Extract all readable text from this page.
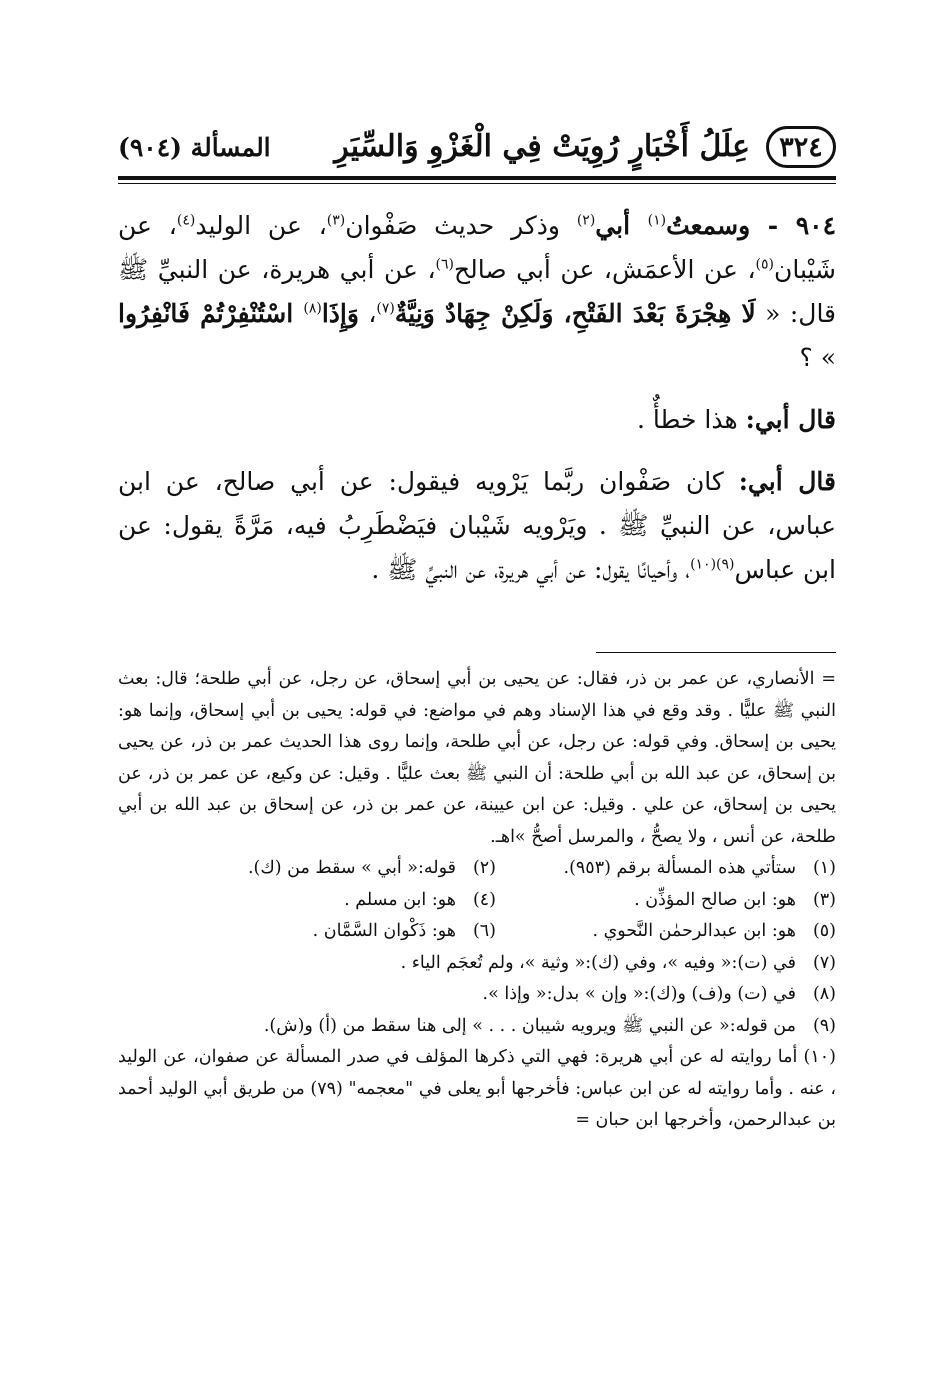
٣٢٤
عِلَلُ أَخْبَارٍ رُوِيَتْ فِي الْغَزْوِ وَالسِّيَرِ
المسألة (٩٠٤)

٩٠٤ - وسمعتُ$^{(١)}$ أبي$^{(٢)}$ وذكر حديث صَفْوان$^{(٣)}$، عن الوليد$^{(٤)}$، عن شَيْبان$^{(٥)}$، عن الأعمَش، عن أبي صالح$^{(٦)}$، عن أبي هريرة، عن النبيِّ ﷺ قال: « لَا هِجْرَةَ بَعْدَ الفَتْحِ، وَلَكِنْ جِهَادٌ وَنِيَّةٌ$^{(٧)}$، وَإِذَا$^{(٨)}$ اسْتُنْفِرْتُمْ فَانْفِرُوا » ؟

قال أبي: هذا خطأٌ .

قال أبي: كان صَفْوان ربَّما يَرْويه فيقول: عن أبي صالح، عن ابن عباس، عن النبيِّ ﷺ . ويَرْويه شَيْبان فيَضْطَرِبُ فيه، مَرَّةً يقول: عن ابن عباس$^{(٩)(١٠)}$، وأحيانًا يقول: عن أبي هريرة، عن النبيِّ ﷺ .

= الأنصاري، عن عمر بن ذر، فقال: عن يحيى بن أبي إسحاق، عن رجل، عن أبي طلحة؛ قال: بعث النبي ﷺ عليًّا . وقد وقع في هذا الإسناد وهم في مواضع: في قوله: يحيى بن أبي إسحاق، وإنما هو: يحيى بن إسحاق. وفي قوله: عن رجل، عن أبي طلحة، وإنما روى هذا الحديث عمر بن ذر، عن يحيى بن إسحاق، عن عبد الله بن أبي طلحة: أن النبي ﷺ بعث عليًّا . وقيل: عن وكيع، عن عمر بن ذر، عن يحيى بن إسحاق، عن علي . وقيل: عن ابن عيينة، عن عمر بن ذر، عن إسحاق بن عبد الله بن أبي طلحة، عن أنس ، ولا يصحُّ ، والمرسل أصحُّ »اهـ.

(١)
ستأتي هذه المسألة برقم (٩٥٣).
(٢)
قوله:« أبي » سقط من (ك).
(٣)
هو: ابن صالح المؤذِّن .
(٤)
هو: ابن مسلم .
(٥)
هو: ابن عبدالرحمٰن النَّحوي .
(٦)
هو: ذَكْوان السَّمَّان .
(٧)
في (ت):« وفيه »، وفي (ك):« وثية »، ولم تُعجَم الياء .
(٨)
في (ت) و(ف) و(ك):« وإن » بدل:« وإذا ».
(٩)
من قوله:« عن النبي ﷺ ويرويه شيبان . . . » إلى هنا سقط من (أ) و(ش).

(١٠) أما روايته له عن أبي هريرة: فهي التي ذكرها المؤلف في صدر المسألة عن صفوان، عن الوليد ، عنه . وأما روايته له عن ابن عباس: فأخرجها أبو يعلى في "معجمه" (٧٩) من طريق أبي الوليد أحمد بن عبدالرحمن، وأخرجها ابن حبان =
